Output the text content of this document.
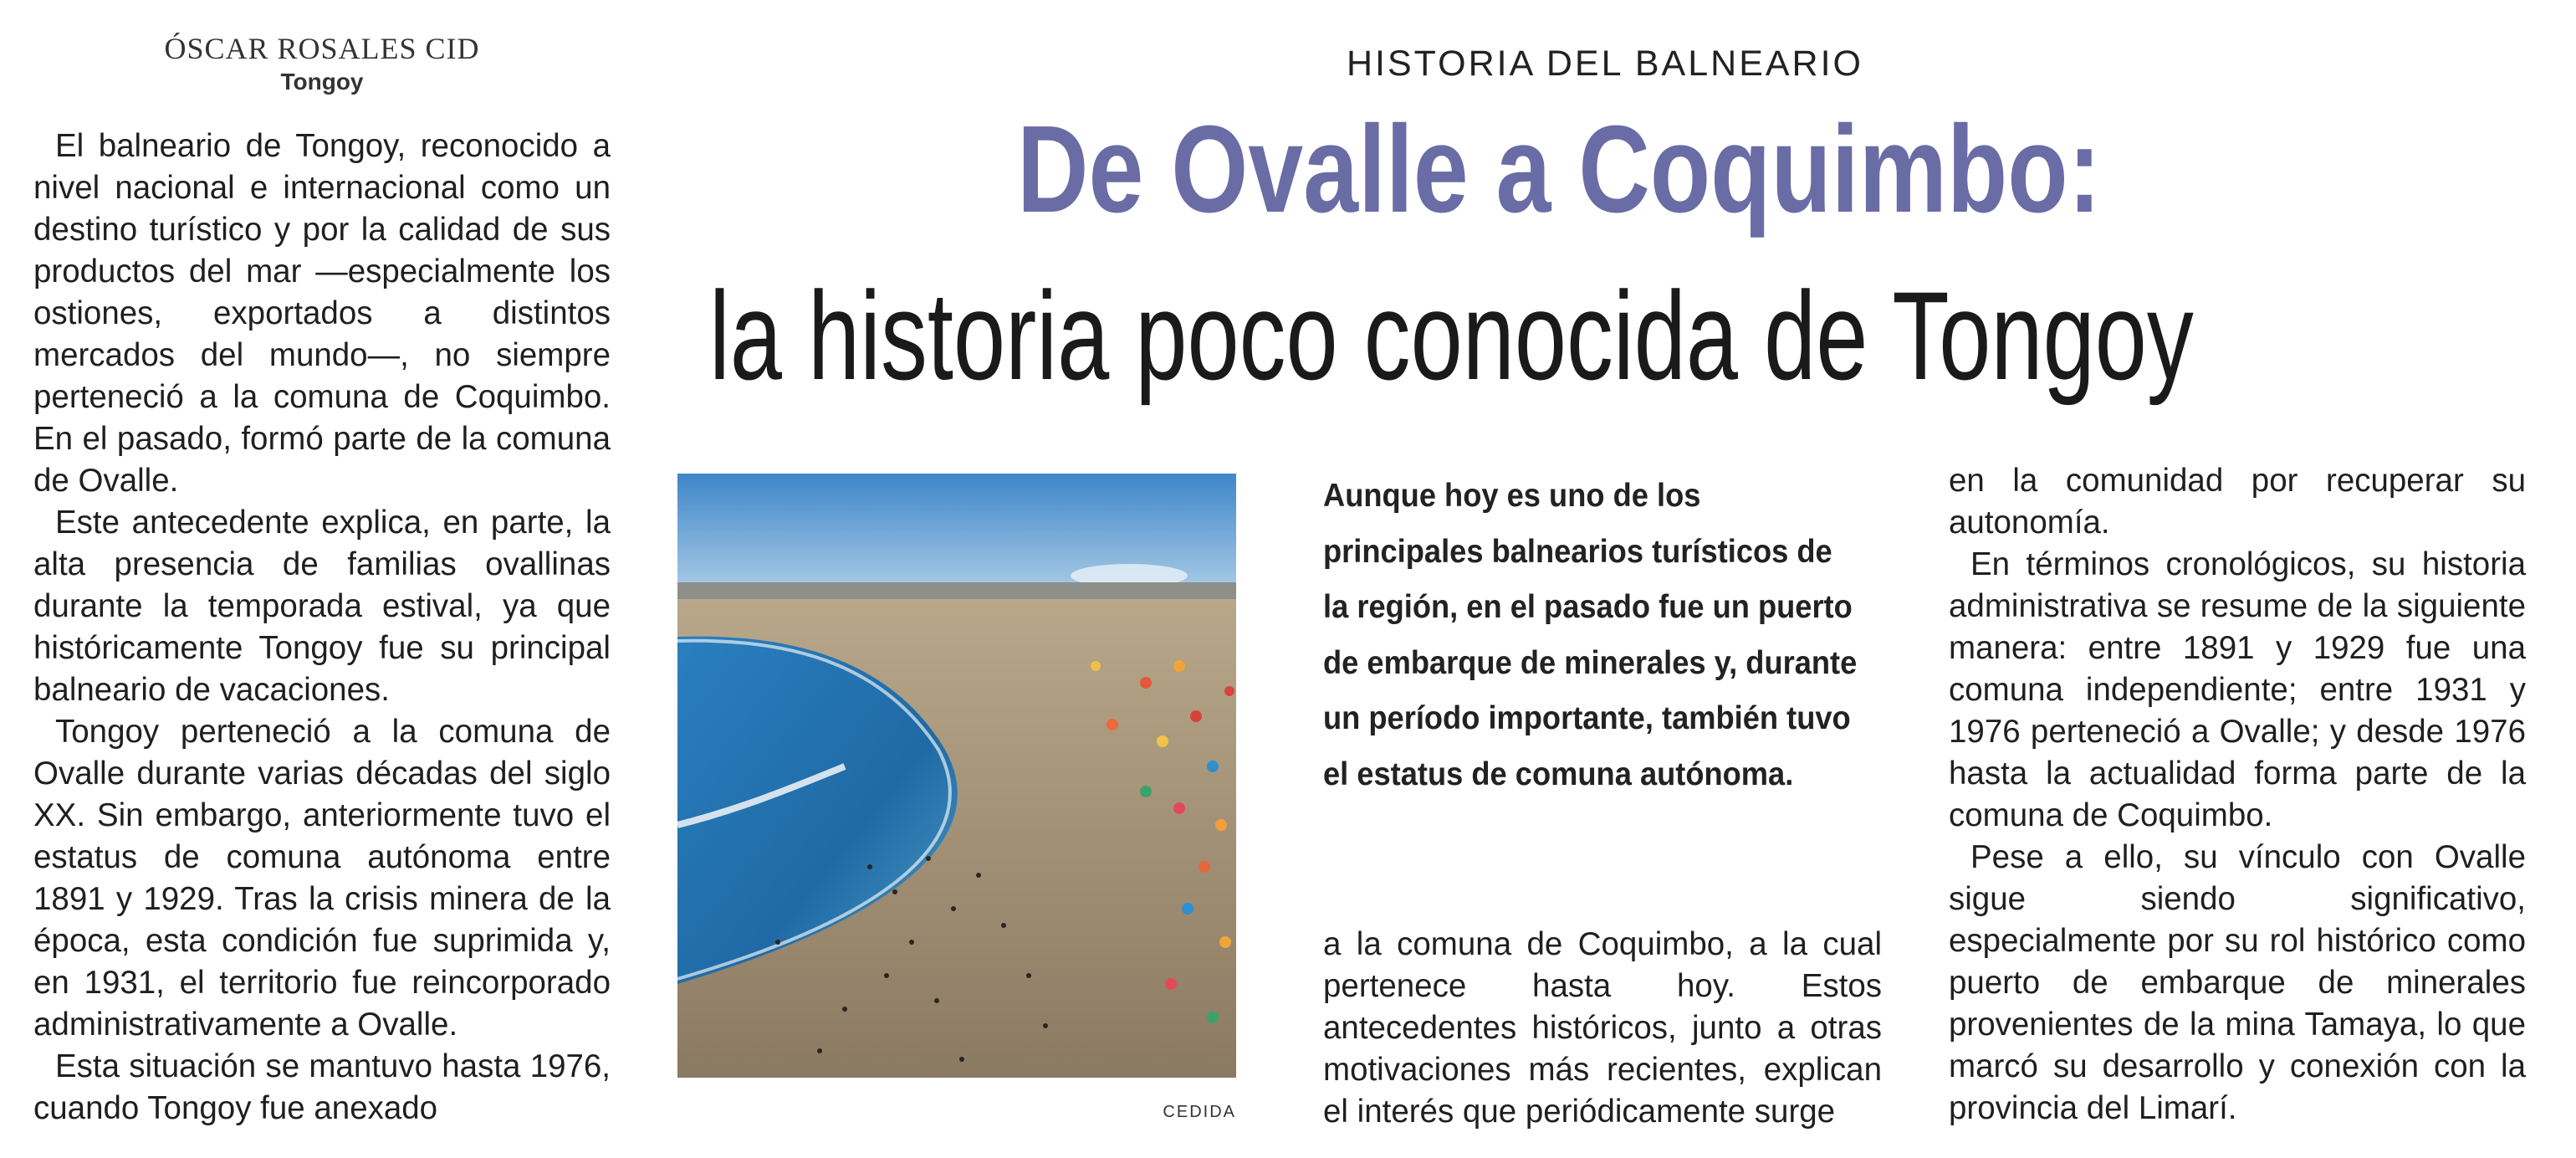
ÓSCAR ROSALES CID
Tongoy	HISTORIA DEL BALNEARIO
De Ovalle a Coquimbo:
la historia poco conocida de Tongoy

El balneario de Tongoy, reconocido a nivel nacional e internacional como un destino turístico y por la calidad de sus productos del mar —especialmente los ostiones, exportados a distintos mercados del mundo—, no siempre perteneció a la comuna de Coquimbo. En el pasado, formó parte de la comuna de Ovalle.

Este antecedente explica, en parte, la alta presencia de familias ovallinas durante la temporada estival, ya que históricamente Tongoy fue su principal balneario de vacaciones.

Tongoy perteneció a la comuna de Ovalle durante varias décadas del siglo XX. Sin embargo, anteriormente tuvo el estatus de comuna autónoma entre 1891 y 1929. Tras la crisis minera de la época, esta condición fue suprimida y, en 1931, el territorio fue reincorporado administrativamente a Ovalle.

Esta situación se mantuvo hasta 1976, cuando Tongoy fue anexado	CEDIDA

Aunque hoy es uno de los principales balnearios turísticos de la región, en el pasado fue un puerto de embarque de minerales y, durante un período importante, también tuvo el estatus de comuna autónoma.

a la comuna de Coquimbo, a la cual pertenece hasta hoy. Estos antecedentes históricos, junto a otras motivaciones más recientes, explican el interés que periódicamente surge

en la comunidad por recuperar su autonomía.

En términos cronológicos, su historia administrativa se resume de la siguiente manera: entre 1891 y 1929 fue una comuna independiente; entre 1931 y 1976 perteneció a Ovalle; y desde 1976 hasta la actualidad forma parte de la comuna de Coquimbo.

Pese a ello, su vínculo con Ovalle sigue siendo significativo, especialmente por su rol histórico como puerto de embarque de minerales provenientes de la mina Tamaya, lo que marcó su desarrollo y conexión con la provincia del Limarí.
